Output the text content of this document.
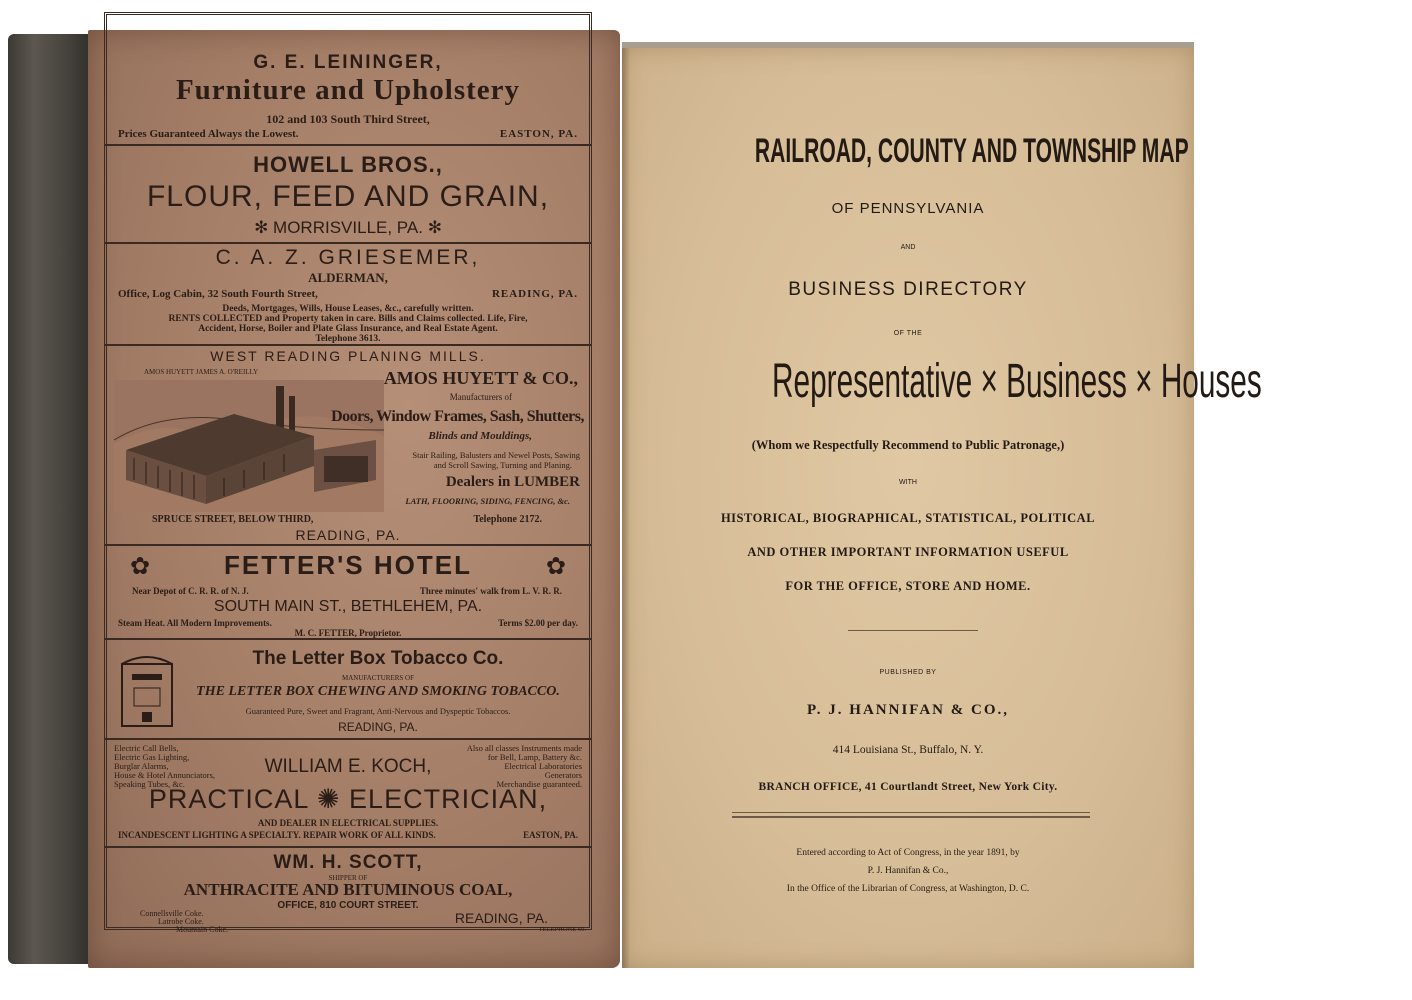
G. E. LEININGER,
Furniture and Upholstery
102 and 103 South Third Street,
Prices Guaranteed Always the Lowest.	EASTON, PA.
HOWELL BROS.,
FLOUR, FEED AND GRAIN,
✻ MORRISVILLE, PA. ✻
C. A. Z. GRIESEMER,
ALDERMAN,
Office, Log Cabin, 32 South Fourth Street,	READING, PA.
Deeds, Mortgages, Wills, House Leases, &c., carefully written.
RENTS COLLECTED and Property taken in care. Bills and Claims collected. Life, Fire,
Accident, Horse, Boiler and Plate Glass Insurance, and Real Estate Agent.
Telephone 3613.
WEST READING PLANING MILLS.
AMOS HUYETT JAMES A. O'REILLY	AMOS HUYETT & CO.,
Manufacturers of
Doors, Window Frames, Sash, Shutters,
Blinds and Mouldings,
Stair Railing, Balusters and Newel Posts, Sawing
and Scroll Sawing, Turning and Planing.
Dealers in LUMBER
LATH, FLOORING, SIDING, FENCING, &c.
SPRUCE STREET, BELOW THIRD,	Telephone 2172.
READING, PA.
✿	✿
FETTER'S HOTEL
Near Depot of C. R. R. of N. J.	Three minutes' walk from L. V. R. R.
SOUTH MAIN ST., BETHLEHEM, PA.
Steam Heat. All Modern Improvements.	Terms $2.00 per day.
M. C. FETTER, Proprietor.
The Letter Box Tobacco Co.
MANUFACTURERS OF
THE LETTER BOX CHEWING AND SMOKING TOBACCO.
Guaranteed Pure, Sweet and Fragrant, Anti-Nervous and Dyspeptic Tobaccos.
READING, PA.
Electric Call Bells,
Electric Gas Lighting,
Burglar Alarms,
House & Hotel Annunciators,
Speaking Tubes, &c.
Also all classes Instruments made
for Bell, Lamp, Battery &c.
Electrical Laboratories
Generators
Merchandise guaranteed.
WILLIAM E. KOCH,
PRACTICAL ✺ ELECTRICIAN,
AND DEALER IN ELECTRICAL SUPPLIES.
INCANDESCENT LIGHTING A SPECIALTY. REPAIR WORK OF ALL KINDS.	EASTON, PA.
WM. H. SCOTT,
SHIPPER OF
ANTHRACITE AND BITUMINOUS COAL,
OFFICE, 810 COURT STREET.
Connellsville Coke.
Latrobe Coke.
Mountain Coke.
READING, PA.
TELEPHONE 69.
RAILROAD, COUNTY AND TOWNSHIP MAP
OF PENNSYLVANIA
AND
BUSINESS DIRECTORY
OF THE
Representative × Business × Houses
(Whom we Respectfully Recommend to Public Patronage,)
WITH
HISTORICAL, BIOGRAPHICAL, STATISTICAL, POLITICAL
AND OTHER IMPORTANT INFORMATION USEFUL
FOR THE OFFICE, STORE AND HOME.
PUBLISHED BY
P. J. HANNIFAN & CO.,
414 Louisiana St., Buffalo, N. Y.
BRANCH OFFICE, 41 Courtlandt Street, New York City.
Entered according to Act of Congress, in the year 1891, by
P. J. Hannifan & Co.,
In the Office of the Librarian of Congress, at Washington, D. C.
